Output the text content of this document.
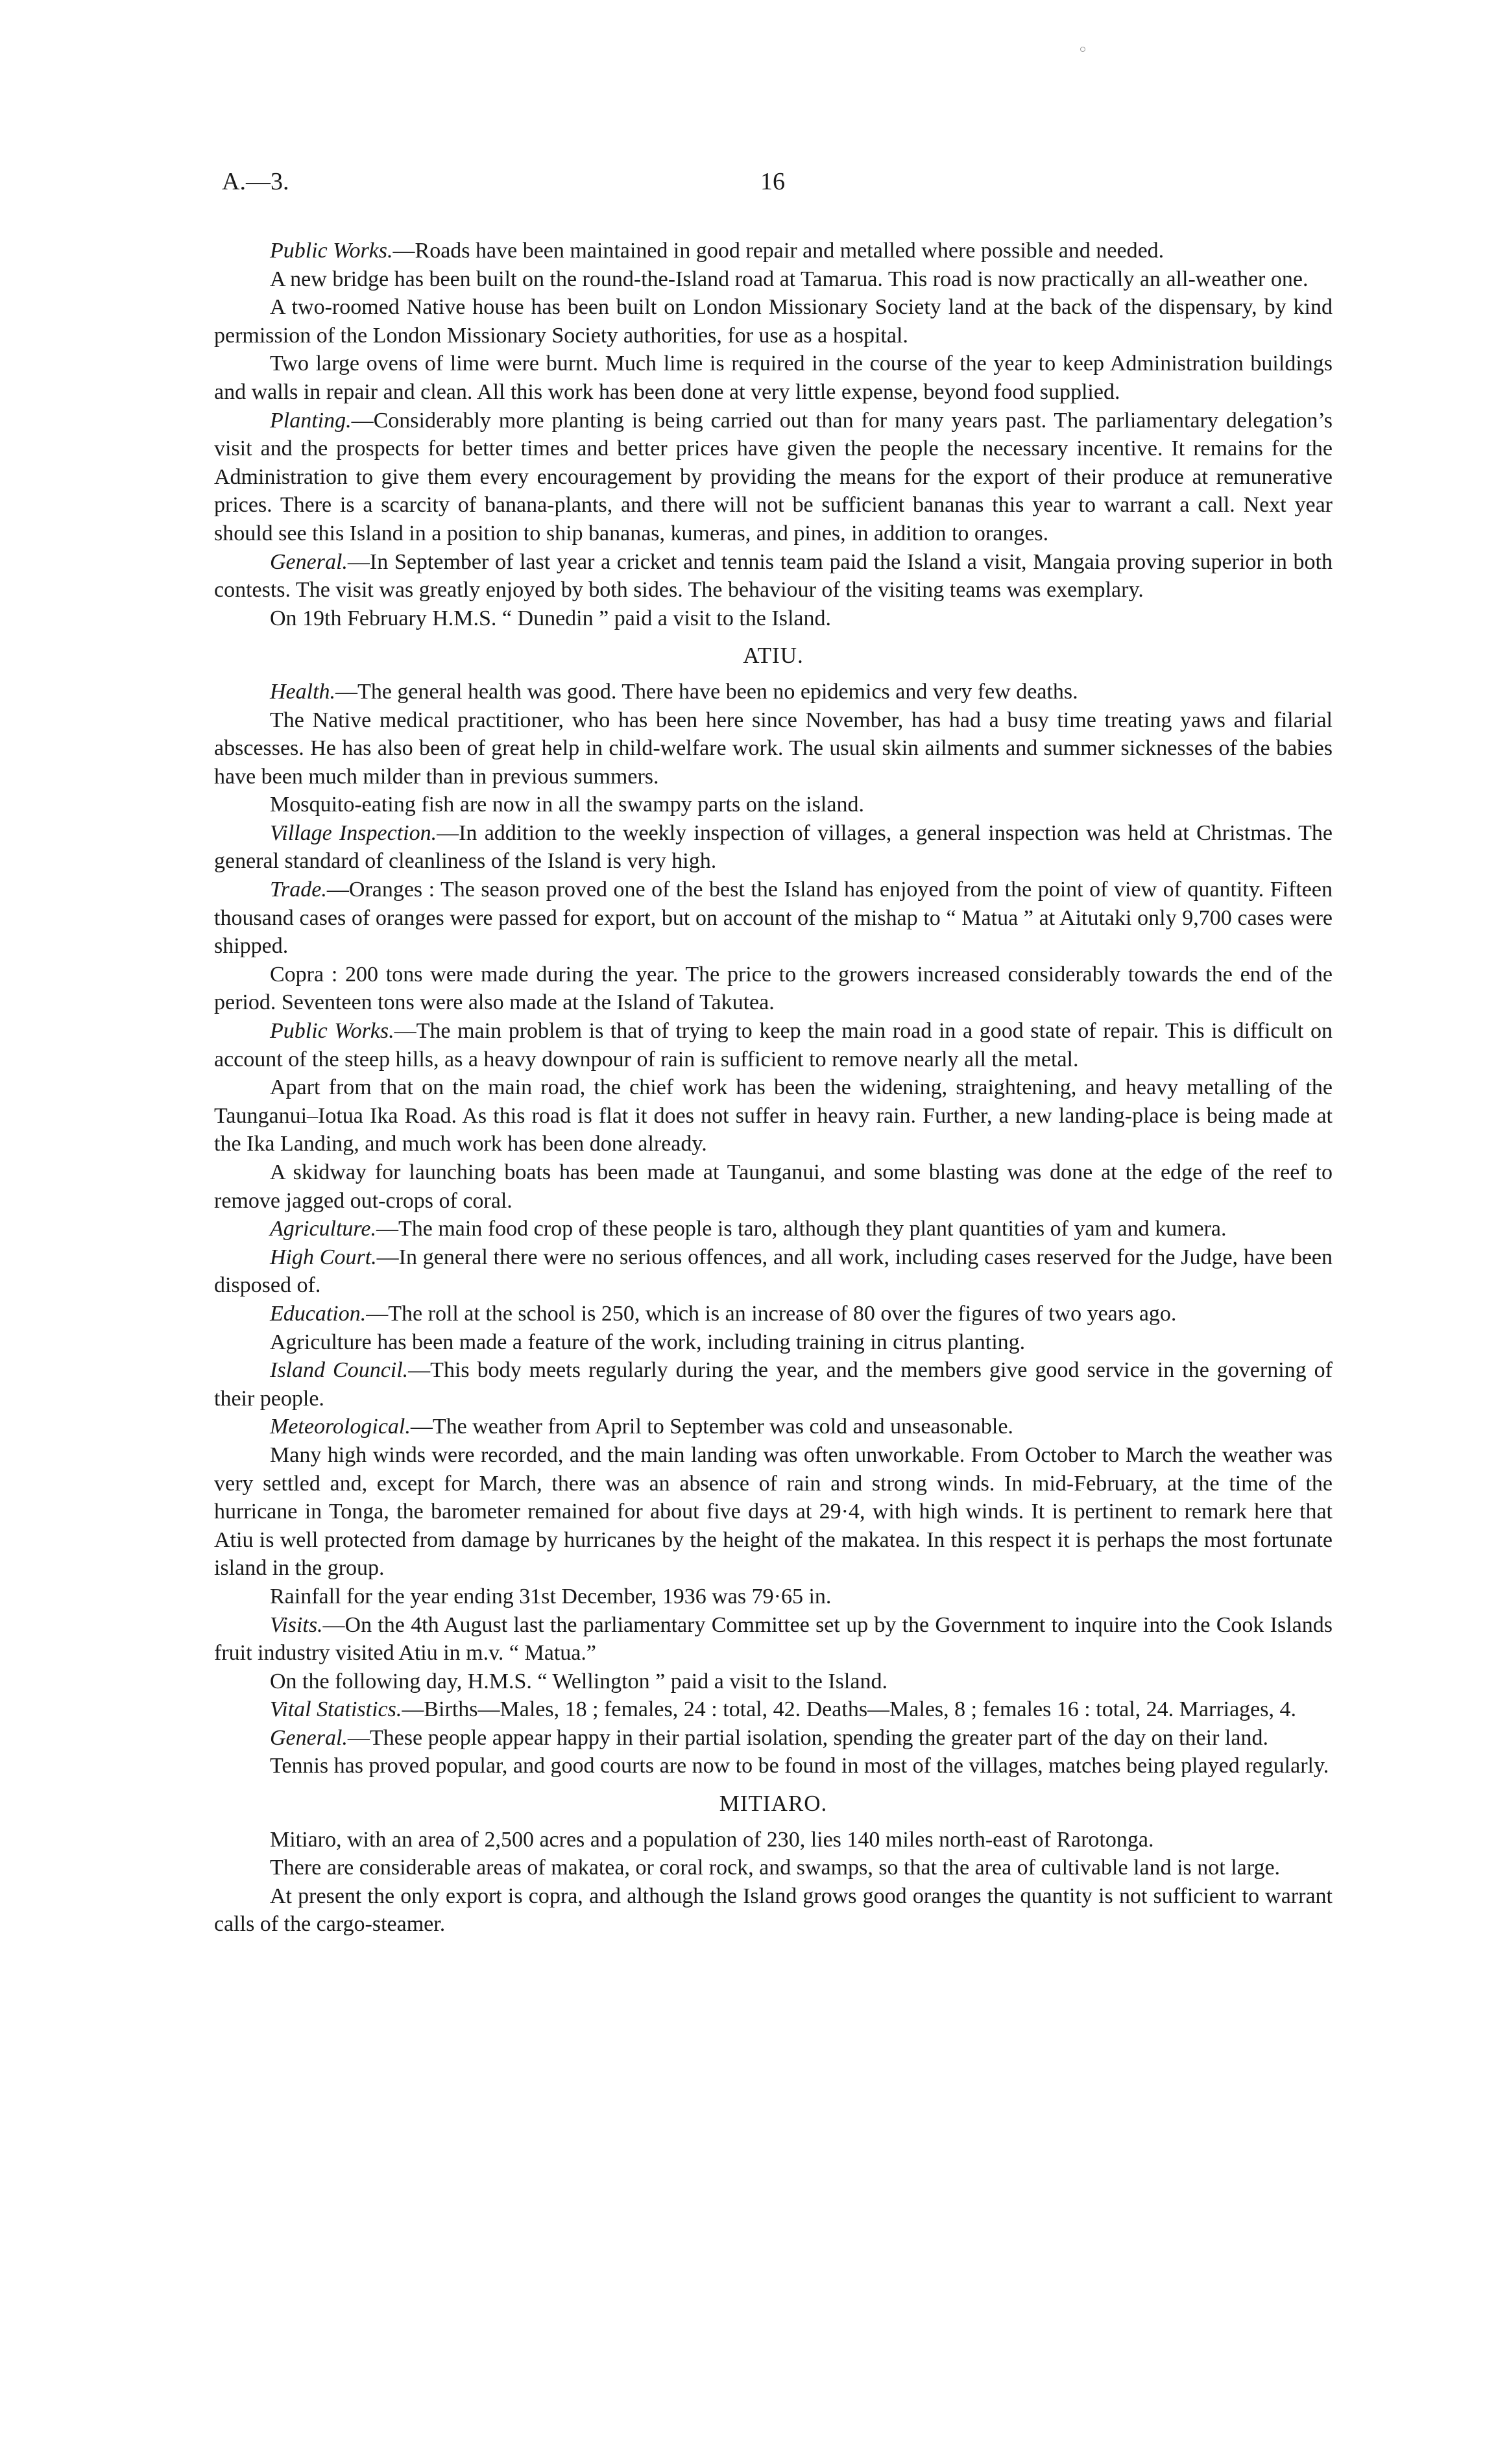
A.—3.	16

Public Works.—Roads have been maintained in good repair and metalled where possible and needed.

A new bridge has been built on the round-the-Island road at Tamarua. This road is now practically an all-weather one.

A two-roomed Native house has been built on London Missionary Society land at the back of the dispensary, by kind permission of the London Missionary Society authorities, for use as a hospital.

Two large ovens of lime were burnt. Much lime is required in the course of the year to keep Administration buildings and walls in repair and clean. All this work has been done at very little expense, beyond food supplied.

Planting.—Considerably more planting is being carried out than for many years past. The parliamentary delegation’s visit and the prospects for better times and better prices have given the people the necessary incentive. It remains for the Administration to give them every encouragement by providing the means for the export of their produce at remunerative prices. There is a scarcity of banana-plants, and there will not be sufficient bananas this year to warrant a call. Next year should see this Island in a position to ship bananas, kumeras, and pines, in addition to oranges.

General.—In September of last year a cricket and tennis team paid the Island a visit, Mangaia proving superior in both contests. The visit was greatly enjoyed by both sides. The behaviour of the visiting teams was exemplary.

On 19th February H.M.S. “ Dunedin ” paid a visit to the Island.

ATIU.

Health.—The general health was good. There have been no epidemics and very few deaths.

The Native medical practitioner, who has been here since November, has had a busy time treating yaws and filarial abscesses. He has also been of great help in child-welfare work. The usual skin ailments and summer sicknesses of the babies have been much milder than in previous summers.

Mosquito-eating fish are now in all the swampy parts on the island.

Village Inspection.—In addition to the weekly inspection of villages, a general inspection was held at Christmas. The general standard of cleanliness of the Island is very high.

Trade.—Oranges : The season proved one of the best the Island has enjoyed from the point of view of quantity. Fifteen thousand cases of oranges were passed for export, but on account of the mishap to “ Matua ” at Aitutaki only 9,700 cases were shipped.

Copra : 200 tons were made during the year. The price to the growers increased considerably towards the end of the period. Seventeen tons were also made at the Island of Takutea.

Public Works.—The main problem is that of trying to keep the main road in a good state of repair. This is difficult on account of the steep hills, as a heavy downpour of rain is sufficient to remove nearly all the metal.

Apart from that on the main road, the chief work has been the widening, straightening, and heavy metalling of the Taunganui–Iotua Ika Road. As this road is flat it does not suffer in heavy rain. Further, a new landing-place is being made at the Ika Landing, and much work has been done already.

A skidway for launching boats has been made at Taunganui, and some blasting was done at the edge of the reef to remove jagged out-crops of coral.

Agriculture.—The main food crop of these people is taro, although they plant quantities of yam and kumera.

High Court.—In general there were no serious offences, and all work, including cases reserved for the Judge, have been disposed of.

Education.—The roll at the school is 250, which is an increase of 80 over the figures of two years ago.

Agriculture has been made a feature of the work, including training in citrus planting.

Island Council.—This body meets regularly during the year, and the members give good service in the governing of their people.

Meteorological.—The weather from April to September was cold and unseasonable.

Many high winds were recorded, and the main landing was often unworkable. From October to March the weather was very settled and, except for March, there was an absence of rain and strong winds. In mid-February, at the time of the hurricane in Tonga, the barometer remained for about five days at 29·4, with high winds. It is pertinent to remark here that Atiu is well protected from damage by hurricanes by the height of the makatea. In this respect it is perhaps the most fortunate island in the group.

Rainfall for the year ending 31st December, 1936 was 79·65 in.

Visits.—On the 4th August last the parliamentary Committee set up by the Government to inquire into the Cook Islands fruit industry visited Atiu in m.v. “ Matua.”

On the following day, H.M.S. “ Wellington ” paid a visit to the Island.

Vital Statistics.—Births—Males, 18 ; females, 24 : total, 42. Deaths—Males, 8 ; females 16 : total, 24. Marriages, 4.

General.—These people appear happy in their partial isolation, spending the greater part of the day on their land.

Tennis has proved popular, and good courts are now to be found in most of the villages, matches being played regularly.

MITIARO.

Mitiaro, with an area of 2,500 acres and a population of 230, lies 140 miles north-east of Rarotonga.

There are considerable areas of makatea, or coral rock, and swamps, so that the area of cultivable land is not large.

At present the only export is copra, and although the Island grows good oranges the quantity is not sufficient to warrant calls of the cargo-steamer.
